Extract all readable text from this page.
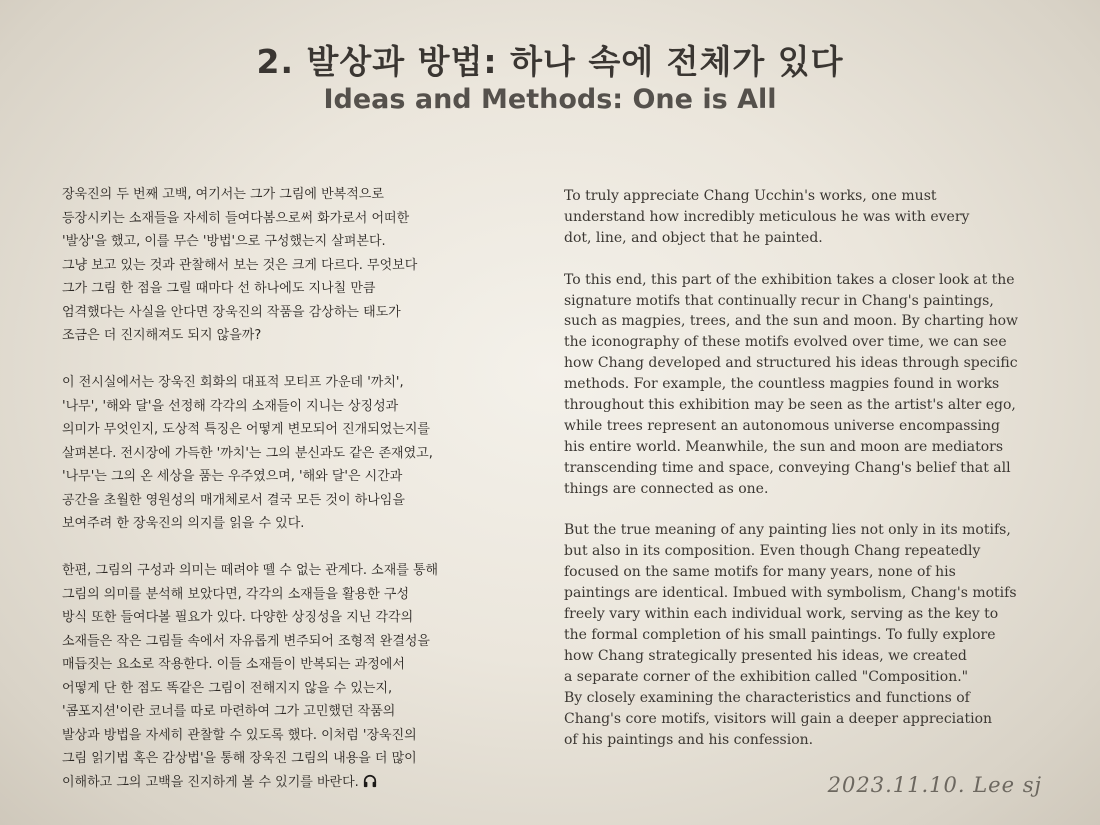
2. 발상과 방법: 하나 속에 전체가 있다
Ideas and Methods: One is All

장욱진의 두 번째 고백, 여기서는 그가 그림에 반복적으로
등장시키는 소재들을 자세히 들여다봄으로써 화가로서 어떠한
'발상'을 했고, 이를 무슨 '방법'으로 구성했는지 살펴본다.
그냥 보고 있는 것과 관찰해서 보는 것은 크게 다르다. 무엇보다
그가 그림 한 점을 그릴 때마다 선 하나에도 지나칠 만큼
엄격했다는 사실을 안다면 장욱진의 작품을 감상하는 태도가
조금은 더 진지해져도 되지 않을까?

이 전시실에서는 장욱진 회화의 대표적 모티프 가운데 '까치',
'나무', '해와 달'을 선정해 각각의 소재들이 지니는 상징성과
의미가 무엇인지, 도상적 특징은 어떻게 변모되어 진개되었는지를
살펴본다. 전시장에 가득한 '까치'는 그의 분신과도 같은 존재였고,
'나무'는 그의 온 세상을 품는 우주였으며, '해와 달'은 시간과
공간을 초월한 영원성의 매개체로서 결국 모든 것이 하나임을
보여주려 한 장욱진의 의지를 읽을 수 있다.

한편, 그림의 구성과 의미는 떼려야 뗄 수 없는 관계다. 소재를 통해
그림의 의미를 분석해 보았다면, 각각의 소재들을 활용한 구성
방식 또한 들여다볼 필요가 있다. 다양한 상징성을 지닌 각각의
소재들은 작은 그림들 속에서 자유롭게 변주되어 조형적 완결성을
매듭짓는 요소로 작용한다. 이들 소재들이 반복되는 과정에서
어떻게 단 한 점도 똑같은 그림이 전해지지 않을 수 있는지,
'콤포지션'이란 코너를 따로 마련하여 그가 고민했던 작품의
발상과 방법을 자세히 관찰할 수 있도록 했다. 이처럼 '장욱진의
그림 읽기법 혹은 감상법'을 통해 장욱진 그림의 내용을 더 많이
이해하고 그의 고백을 진지하게 볼 수 있기를 바란다.

To truly appreciate Chang Ucchin's works, one must
understand how incredibly meticulous he was with every
dot, line, and object that he painted.

To this end, this part of the exhibition takes a closer look at the
signature motifs that continually recur in Chang's paintings,
such as magpies, trees, and the sun and moon. By charting how
the iconography of these motifs evolved over time, we can see
how Chang developed and structured his ideas through specific
methods. For example, the countless magpies found in works
throughout this exhibition may be seen as the artist's alter ego,
while trees represent an autonomous universe encompassing
his entire world. Meanwhile, the sun and moon are mediators
transcending time and space, conveying Chang's belief that all
things are connected as one.

But the true meaning of any painting lies not only in its motifs,
but also in its composition. Even though Chang repeatedly
focused on the same motifs for many years, none of his
paintings are identical. Imbued with symbolism, Chang's motifs
freely vary within each individual work, serving as the key to
the formal completion of his small paintings. To fully explore
how Chang strategically presented his ideas, we created
a separate corner of the exhibition called "Composition."
By closely examining the characteristics and functions of
Chang's core motifs, visitors will gain a deeper appreciation
of his paintings and his confession.

2023.11.10. Lee sj
